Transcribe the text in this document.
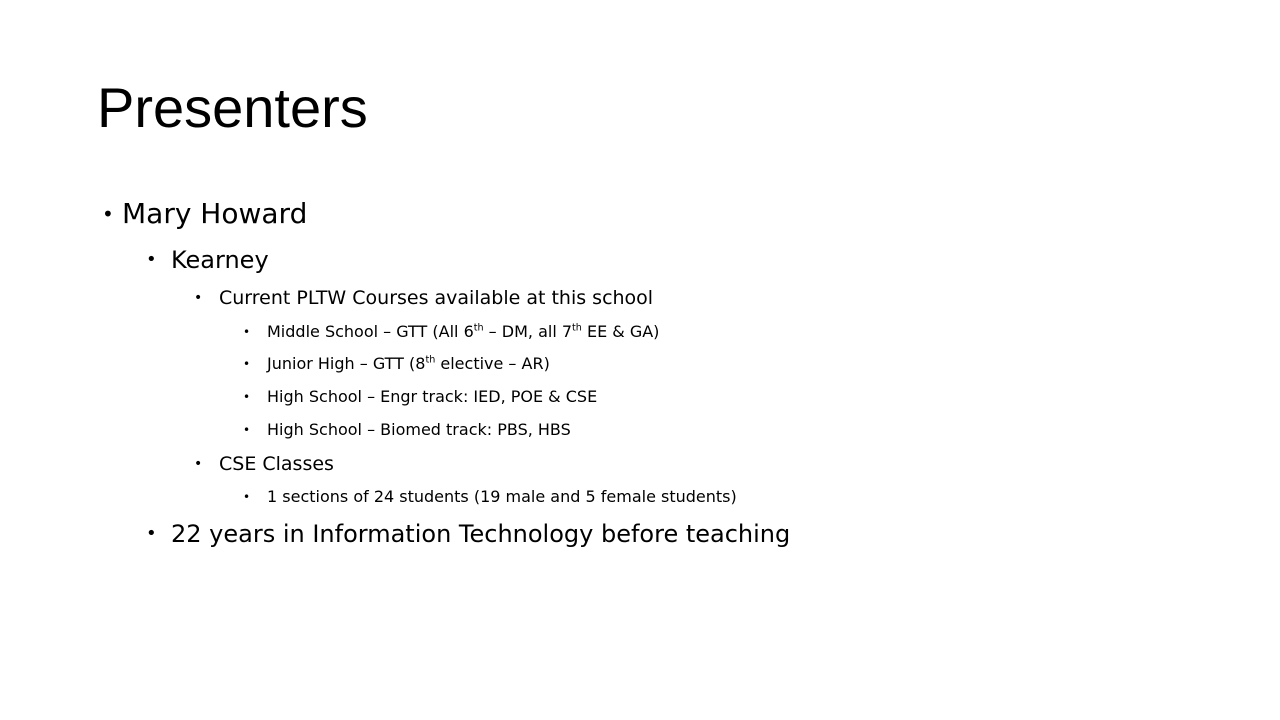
Presenters
• Mary Howard
• Kearney
• Current PLTW Courses available at this school
• Middle School – GTT (All 6th – DM, all 7th EE & GA)
• Junior High – GTT (8th elective – AR)
• High School – Engr track: IED, POE & CSE
• High School – Biomed track: PBS, HBS
• CSE Classes
• 1 sections of 24 students (19 male and 5 female students)
• 22 years in Information Technology before teaching
